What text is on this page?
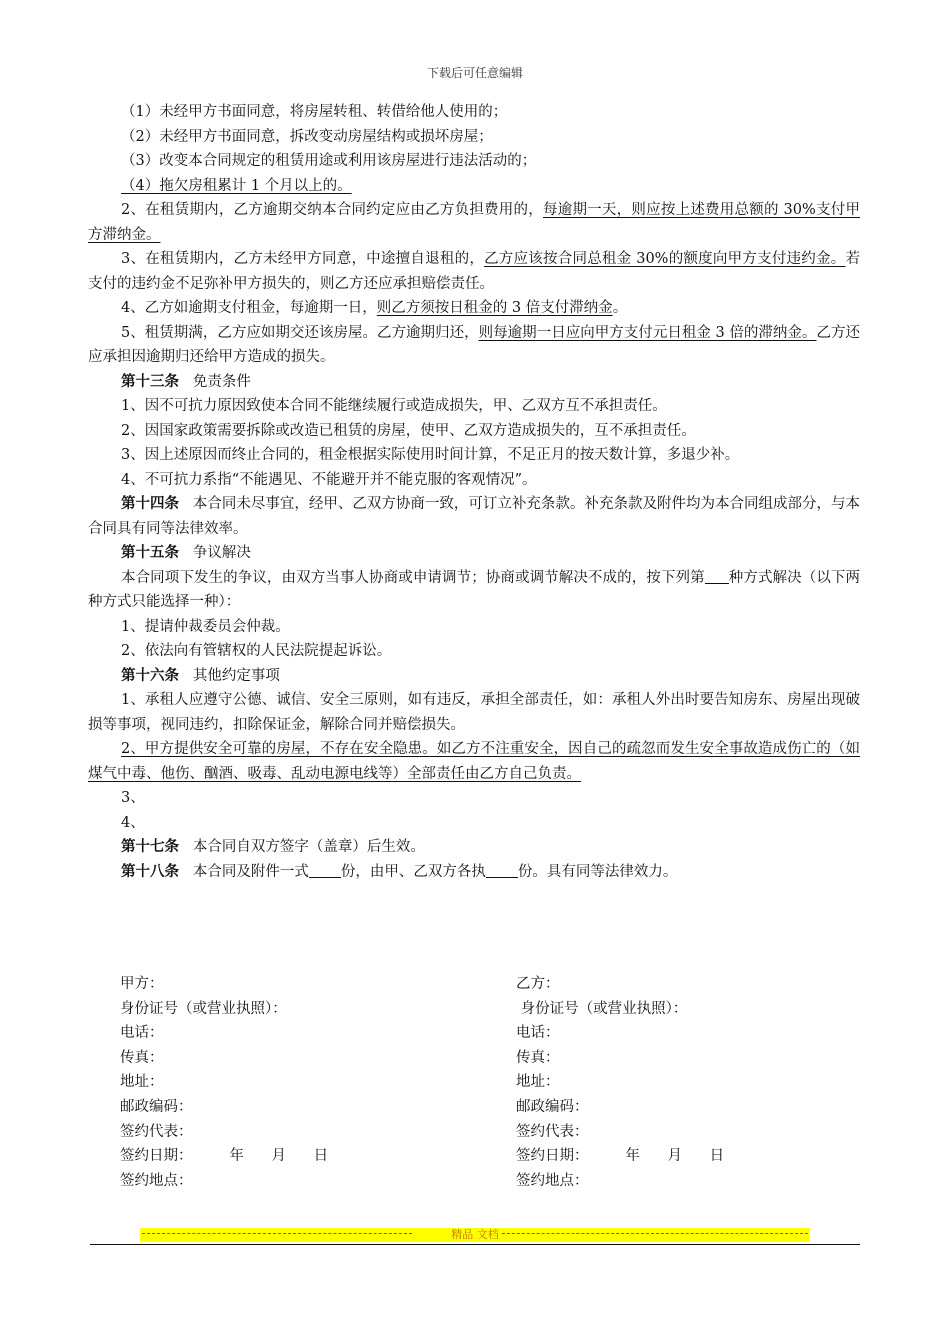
下载后可任意编辑

（1）未经甲方书面同意，将房屋转租、转借给他人使用的；

（2）未经甲方书面同意，拆改变动房屋结构或损坏房屋；

（3）改变本合同规定的租赁用途或利用该房屋进行违法活动的；

（4）拖欠房租累计 1 个月以上的。

2、在租赁期内，乙方逾期交纳本合同约定应由乙方负担费用的，每逾期一天，则应按上述费用总额的 30%支付甲方滞纳金。

3、在租赁期内，乙方未经甲方同意，中途擅自退租的，乙方应该按合同总租金 30%的额度向甲方支付违约金。若支付的违约金不足弥补甲方损失的，则乙方还应承担赔偿责任。

4、乙方如逾期支付租金，每逾期一日，则乙方须按日租金的 3 倍支付滞纳金。

5、租赁期满，乙方应如期交还该房屋。乙方逾期归还，则每逾期一日应向甲方支付元日租金 3 倍的滞纳金。乙方还应承担因逾期归还给甲方造成的损失。

第十三条 免责条件

1、因不可抗力原因致使本合同不能继续履行或造成损失，甲、乙双方互不承担责任。

2、因国家政策需要拆除或改造已租赁的房屋，使甲、乙双方造成损失的，互不承担责任。

3、因上述原因而终止合同的，租金根据实际使用时间计算，不足正月的按天数计算，多退少补。

4、不可抗力系指“不能遇见、不能避开并不能克服的客观情况”。

第十四条 本合同未尽事宜，经甲、乙双方协商一致，可订立补充条款。补充条款及附件均为本合同组成部分，与本合同具有同等法律效率。

第十五条 争议解决

本合同项下发生的争议，由双方当事人协商或申请调节；协商或调节解决不成的，按下列第 种方式解决（以下两种方式只能选择一种）：

1、提请仲裁委员会仲裁。

2、依法向有管辖权的人民法院提起诉讼。

第十六条 其他约定事项

1、承租人应遵守公德、诚信、安全三原则，如有违反，承担全部责任，如：承租人外出时要告知房东、房屋出现破损等事项，视同违约，扣除保证金，解除合同并赔偿损失。

2、甲方提供安全可靠的房屋，不存在安全隐患。如乙方不注重安全，因自己的疏忽而发生安全事故造成伤亡的（如煤气中毒、他伤、酗酒、吸毒、乱动电源电线等）全部责任由乙方自己负责。

3、

4、

第十七条 本合同自双方签字（盖章）后生效。

第十八条 本合同及附件一式 份，由甲、乙双方各执 份。具有同等法律效力。

甲方：
身份证号（或营业执照）：
电话：
传真：
地址：
邮政编码：
签约代表：
签约日期：        年      月      日
签约地点：
乙方：
身份证号（或营业执照）：
电话：
传真：
地址：
邮政编码：
签约代表：
签约日期：        年      月      日
签约地点：
精品 文档
